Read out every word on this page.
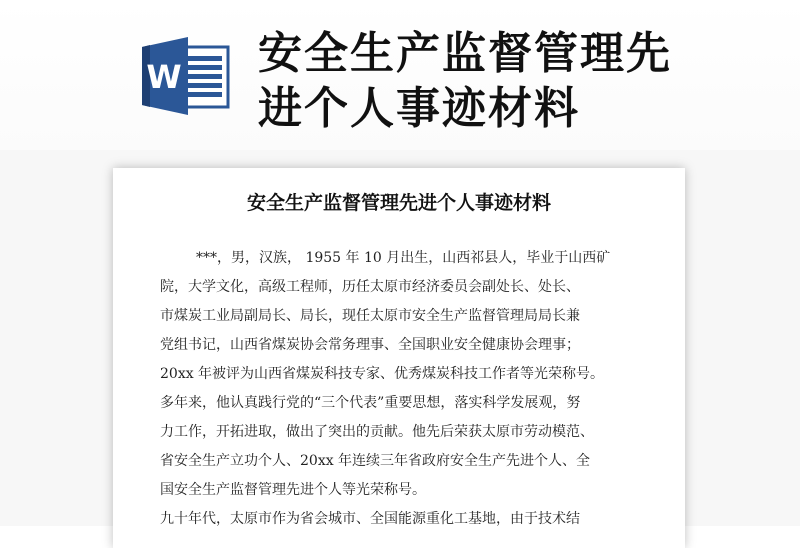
W 安全生产监督管理先
进个人事迹材料
安全生产监督管理先进个人事迹材料
***，男，汉族， 1955 年 10 月出生，山西祁县人，毕业于山西矿
院，大学文化，高级工程师，历任太原市经济委员会副处长、处长、
市煤炭工业局副局长、局长，现任太原市安全生产监督管理局局长兼
党组书记，山西省煤炭协会常务理事、全国职业安全健康协会理事；
20xx 年被评为山西省煤炭科技专家、优秀煤炭科技工作者等光荣称号。
多年来，他认真践行党的“三个代表”重要思想，落实科学发展观，努
力工作，开拓进取，做出了突出的贡献。他先后荣获太原市劳动模范、
省安全生产立功个人、20xx 年连续三年省政府安全生产先进个人、全
国安全生产监督管理先进个人等光荣称号。
九十年代，太原市作为省会城市、全国能源重化工基地，由于技术结
